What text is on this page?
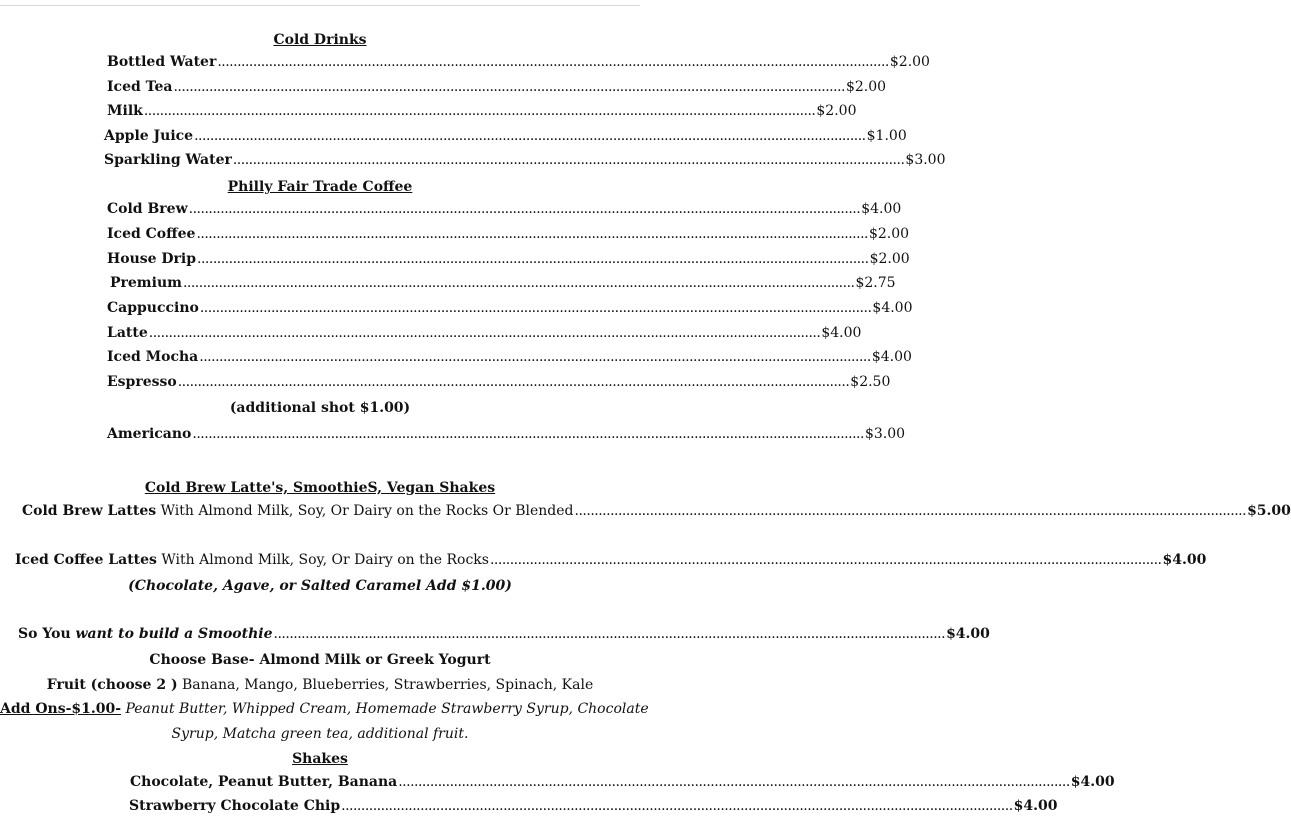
Cold Drinks
Bottled Water .......................................................................................................................................................................... $2.00
Iced Tea .......................................................................................................................................................................... $2.00
Milk .......................................................................................................................................................................... $2.00
Apple Juice .......................................................................................................................................................................... $1.00
Sparkling Water .......................................................................................................................................................................... $3.00
Philly Fair Trade Coffee
Cold Brew .......................................................................................................................................................................... $4.00
Iced Coffee .......................................................................................................................................................................... $2.00
House Drip .......................................................................................................................................................................... $2.00
Premium .......................................................................................................................................................................... $2.75
Cappuccino .......................................................................................................................................................................... $4.00
Latte .......................................................................................................................................................................... $4.00
Iced Mocha .......................................................................................................................................................................... $4.00
Espresso .......................................................................................................................................................................... $2.50
(additional shot $1.00)
Americano .......................................................................................................................................................................... $3.00
Cold Brew Latte's, SmoothieS, Vegan Shakes
Cold Brew Lattes With Almond Milk, Soy, Or Dairy on the Rocks Or Blended .......................................................................................................................................................................... $5.00
Iced Coffee Lattes With Almond Milk, Soy, Or Dairy on the Rocks .......................................................................................................................................................................... $4.00
(Chocolate, Agave, or Salted Caramel Add $1.00)
So You want to build a Smoothie .......................................................................................................................................................................... $4.00
Choose Base- Almond Milk or Greek Yogurt
Fruit (choose 2 ) Banana, Mango, Blueberries, Strawberries, Spinach, Kale
Add Ons-$1.00- Peanut Butter, Whipped Cream, Homemade Strawberry Syrup, Chocolate
Syrup, Matcha green tea, additional fruit.
Shakes
Chocolate, Peanut Butter, Banana .......................................................................................................................................................................... $4.00
Strawberry Chocolate Chip .......................................................................................................................................................................... $4.00
